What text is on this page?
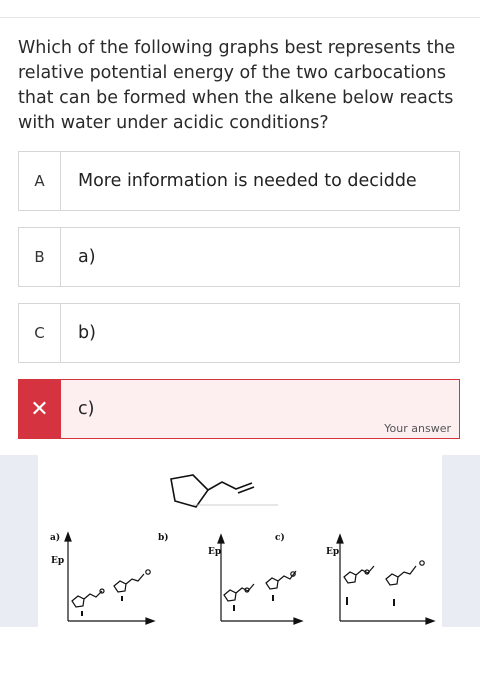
Which of the following graphs best represents the relative potential energy of the two carbocations that can be formed when the alkene below reacts with water under acidic conditions?
A	More information is needed to decidde
B	a)
C	b)
✕	c)
Your answer
a)
Ep
b)
Ep
c)
Ep
